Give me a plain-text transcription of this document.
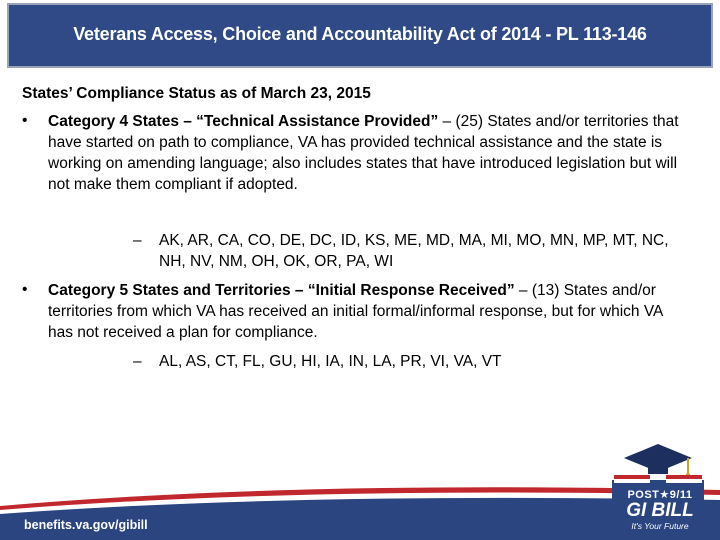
Veterans Access, Choice and Accountability Act of 2014 - PL 113-146
States’ Compliance Status as of March 23, 2015
• Category 4 States – “Technical Assistance Provided” – (25) States and/or territories that have started on path to compliance, VA has provided technical assistance and the state is working on amending language; also includes states that have introduced legislation but will not make them compliant if adopted.
– AK, AR, CA, CO, DE, DC, ID, KS, ME, MD, MA, MI, MO, MN, MP, MT, NC, NH, NV, NM, OH, OK, OR, PA, WI
• Category 5 States and Territories – “Initial Response Received” – (13) States and/or territories from which VA has received an initial formal/informal response, but for which VA has not received a plan for compliance.
– AL, AS, CT, FL, GU, HI, IA, IN, LA, PR, VI, VA, VT
benefits.va.gov/gibill
POST★9/11
GI BILL
It's Your Future
